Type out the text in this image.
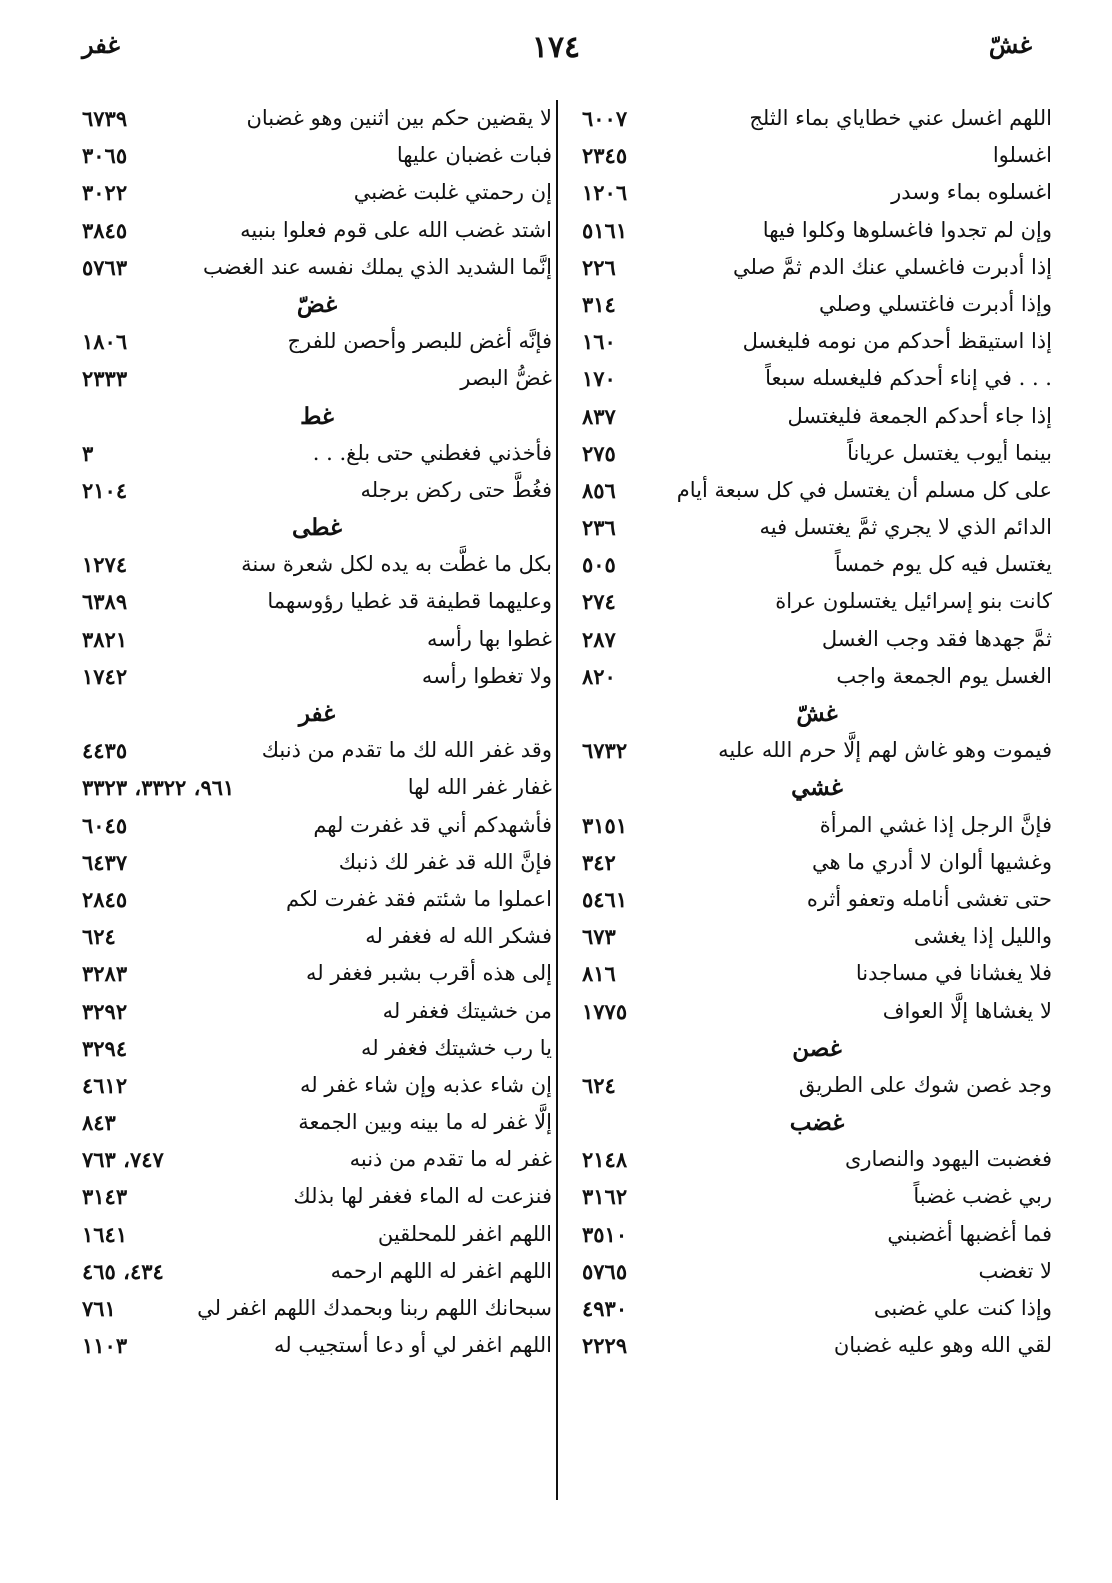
غشّ
١٧٤
غفر
اللهم اغسل عني خطاياي بماء الثلج
٦٠٠٧
اغسلوا
٢٣٤٥
اغسلوه بماء وسدر
١٢٠٦
وإن لم تجدوا فاغسلوها وكلوا فيها
٥١٦١
إذا أدبرت فاغسلي عنك الدم ثمَّ صلي
٢٢٦
وإذا أدبرت فاغتسلي وصلي
٣١٤
إذا استيقظ أحدكم من نومه فليغسل
١٦٠
. . . في إناء أحدكم فليغسله سبعاً
١٧٠
إذا جاء أحدكم الجمعة فليغتسل
٨٣٧
بينما أيوب يغتسل عرياناً
٢٧٥
على كل مسلم أن يغتسل في كل سبعة أيام
٨٥٦
الدائم الذي لا يجري ثمَّ يغتسل فيه
٢٣٦
يغتسل فيه كل يوم خمساً
٥٠٥
كانت بنو إسرائيل يغتسلون عراة
٢٧٤
ثمَّ جهدها فقد وجب الغسل
٢٨٧
الغسل يوم الجمعة واجب
٨٢٠
غشّ
فيموت وهو غاش لهم إلَّا حرم الله عليه
٦٧٣٢
غشي
فإنَّ الرجل إذا غشي المرأة
٣١٥١
وغشيها ألوان لا أدري ما هي
٣٤٢
حتى تغشى أنامله وتعفو أثره
٥٤٦١
والليل إذا يغشى
٦٧٣
فلا يغشانا في مساجدنا
٨١٦
لا يغشاها إلَّا العواف
١٧٧٥
غصن
وجد غصن شوك على الطريق
٦٢٤
غضب
فغضبت اليهود والنصارى
٢١٤٨
ربي غضب غضباً
٣١٦٢
فما أغضبها أغضبني
٣٥١٠
لا تغضب
٥٧٦٥
وإذا كنت علي غضبى
٤٩٣٠
لقي الله وهو عليه غضبان
٢٢٢٩
لا يقضين حكم بين اثنين وهو غضبان
٦٧٣٩
فبات غضبان عليها
٣٠٦٥
إن رحمتي غلبت غضبي
٣٠٢٢
اشتد غضب الله على قوم فعلوا بنبيه
٣٨٤٥
إنَّما الشديد الذي يملك نفسه عند الغضب
٥٧٦٣
غضّ
فإنَّه أغض للبصر وأحصن للفرج
١٨٠٦
غضُّ البصر
٢٣٣٣
غط
فأخذني فغطني حتى بلغ. . .
٣
فغُطَّ حتى ركض برجله
٢١٠٤
غطى
بكل ما غطَّت به يده لكل شعرة سنة
١٢٧٤
وعليهما قطيفة قد غطيا رؤوسهما
٦٣٨٩
غطوا بها رأسه
٣٨٢١
ولا تغطوا رأسه
١٧٤٢
غفر
وقد غفر الله لك ما تقدم من ذنبك
٤٤٣٥
غفار غفر الله لها
٩٦١، ٣٣٢٢، ٣٣٢٣
فأشهدكم أني قد غفرت لهم
٦٠٤٥
فإنَّ الله قد غفر لك ذنبك
٦٤٣٧
اعملوا ما شئتم فقد غفرت لكم
٢٨٤٥
فشكر الله له فغفر له
٦٢٤
إلى هذه أقرب بشبر فغفر له
٣٢٨٣
من خشيتك فغفر له
٣٢٩٢
يا رب خشيتك فغفر له
٣٢٩٤
إن شاء عذبه وإن شاء غفر له
٤٦١٢
إلَّا غفر له ما بينه وبين الجمعة
٨٤٣
غفر له ما تقدم من ذنبه
٧٤٧، ٧٦٣
فنزعت له الماء فغفر لها بذلك
٣١٤٣
اللهم اغفر للمحلقين
١٦٤١
اللهم اغفر له اللهم ارحمه
٤٣٤، ٤٦٥
سبحانك اللهم ربنا وبحمدك اللهم اغفر لي
٧٦١
اللهم اغفر لي أو دعا أستجيب له
١١٠٣
